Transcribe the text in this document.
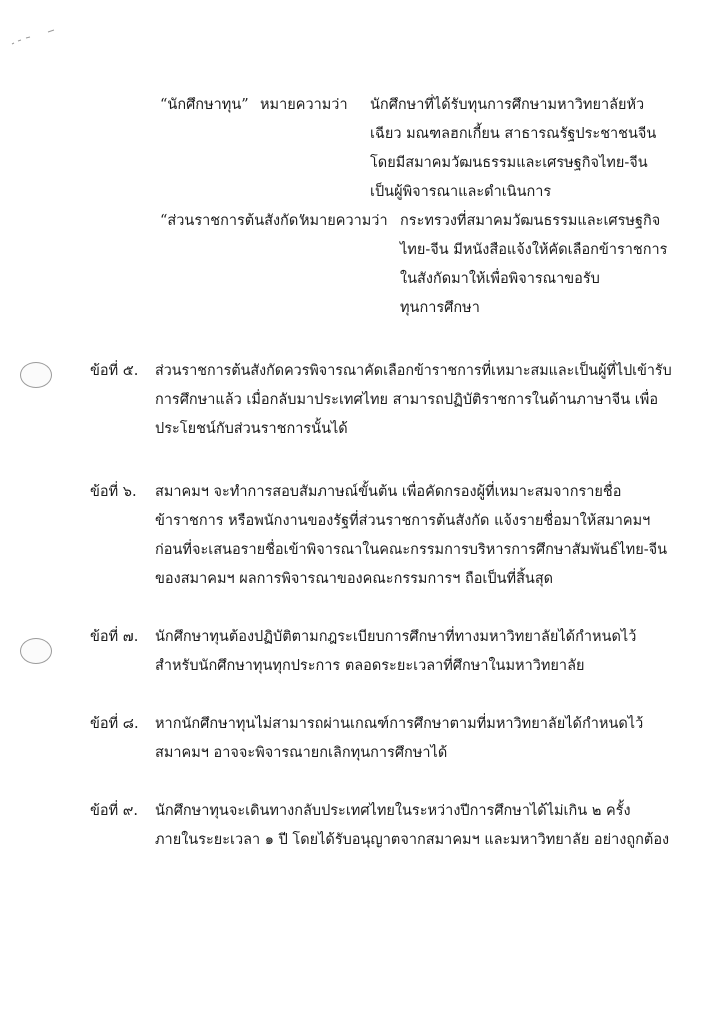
“นักศึกษาทุน” หมายความว่า นักศึกษาที่ได้รับทุนการศึกษามหาวิทยาลัยหัว
เฉียว มณฑลฮกเกี้ยน สาธารณรัฐประชาชนจีน
โดยมีสมาคมวัฒนธรรมและเศรษฐกิจไทย-จีน
เป็นผู้พิจารณาและดำเนินการ
“ส่วนราชการต้นสังกัด”
หมายความว่า กระทรวงที่สมาคมวัฒนธรรมและเศรษฐกิจ
ไทย-จีน มีหนังสือแจ้งให้คัดเลือกข้าราชการ
ในสังกัดมาให้เพื่อพิจารณาขอรับ
ทุนการศึกษา
ข้อที่ ๕. ส่วนราชการต้นสังกัดควรพิจารณาคัดเลือกข้าราชการที่เหมาะสมและเป็นผู้ที่ไปเข้ารับ
การศึกษาแล้ว เมื่อกลับมาประเทศไทย สามารถปฏิบัติราชการในด้านภาษาจีน เพื่อ
ประโยชน์กับส่วนราชการนั้นได้
ข้อที่ ๖. สมาคมฯ จะทำการสอบสัมภาษณ์ขั้นต้น เพื่อคัดกรองผู้ที่เหมาะสมจากรายชื่อ
ข้าราชการ หรือพนักงานของรัฐที่ส่วนราชการต้นสังกัด แจ้งรายชื่อมาให้สมาคมฯ
ก่อนที่จะเสนอรายชื่อเข้าพิจารณาในคณะกรรมการบริหารการศึกษาสัมพันธ์ไทย-จีน
ของสมาคมฯ ผลการพิจารณาของคณะกรรมการฯ ถือเป็นที่สิ้นสุด
ข้อที่ ๗. นักศึกษาทุนต้องปฏิบัติตามกฎระเบียบการศึกษาที่ทางมหาวิทยาลัยได้กำหนดไว้
สำหรับนักศึกษาทุนทุกประการ ตลอดระยะเวลาที่ศึกษาในมหาวิทยาลัย
ข้อที่ ๘. หากนักศึกษาทุนไม่สามารถผ่านเกณฑ์การศึกษาตามที่มหาวิทยาลัยได้กำหนดไว้
สมาคมฯ อาจจะพิจารณายกเลิกทุนการศึกษาได้
ข้อที่ ๙. นักศึกษาทุนจะเดินทางกลับประเทศไทยในระหว่างปีการศึกษาได้ไม่เกิน ๒ ครั้ง
ภายในระยะเวลา ๑ ปี โดยได้รับอนุญาตจากสมาคมฯ และมหาวิทยาลัย อย่างถูกต้อง
